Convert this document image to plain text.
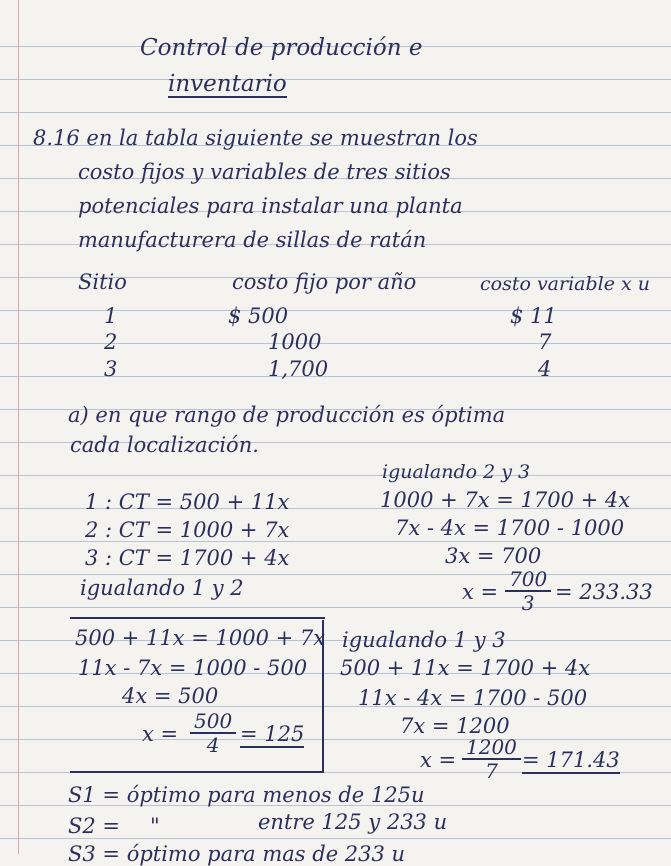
Control de producción e
inventario
8.16 en la tabla siguiente se muestran los
costo fijos y variables de tres sitios
potenciales para instalar una planta
manufacturera de sillas de ratán
Sitio	costo fijo por año	costo variable x u
1	$ 500	$ 11
2	1000	7
3	1,700	4
a) en que rango de producción es óptima
cada localización.
igualando 2 y 3
1000 + 7x = 1700 + 4x
7x - 4x = 1700 - 1000
3x = 700
$x = \frac{700}{3} = 233.33$
1 : CT = 500 + 11x
2 : CT = 1000 + 7x
3 : CT = 1700 + 4x
igualando 1 y 2
500 + 11x = 1000 + 7x
11x - 7x = 1000 - 500
4x = 500
$x = \frac{500}{4} = 125$
igualando 1 y 3
500 + 11x = 1700 + 4x
11x - 4x = 1700 - 500
7x = 1200
$x = \frac{1200}{7} = 171.43$
S1 = óptimo para menos de 125u
S2 = "	entre 125 y 233 u
S3 = óptimo para mas de 233 u
